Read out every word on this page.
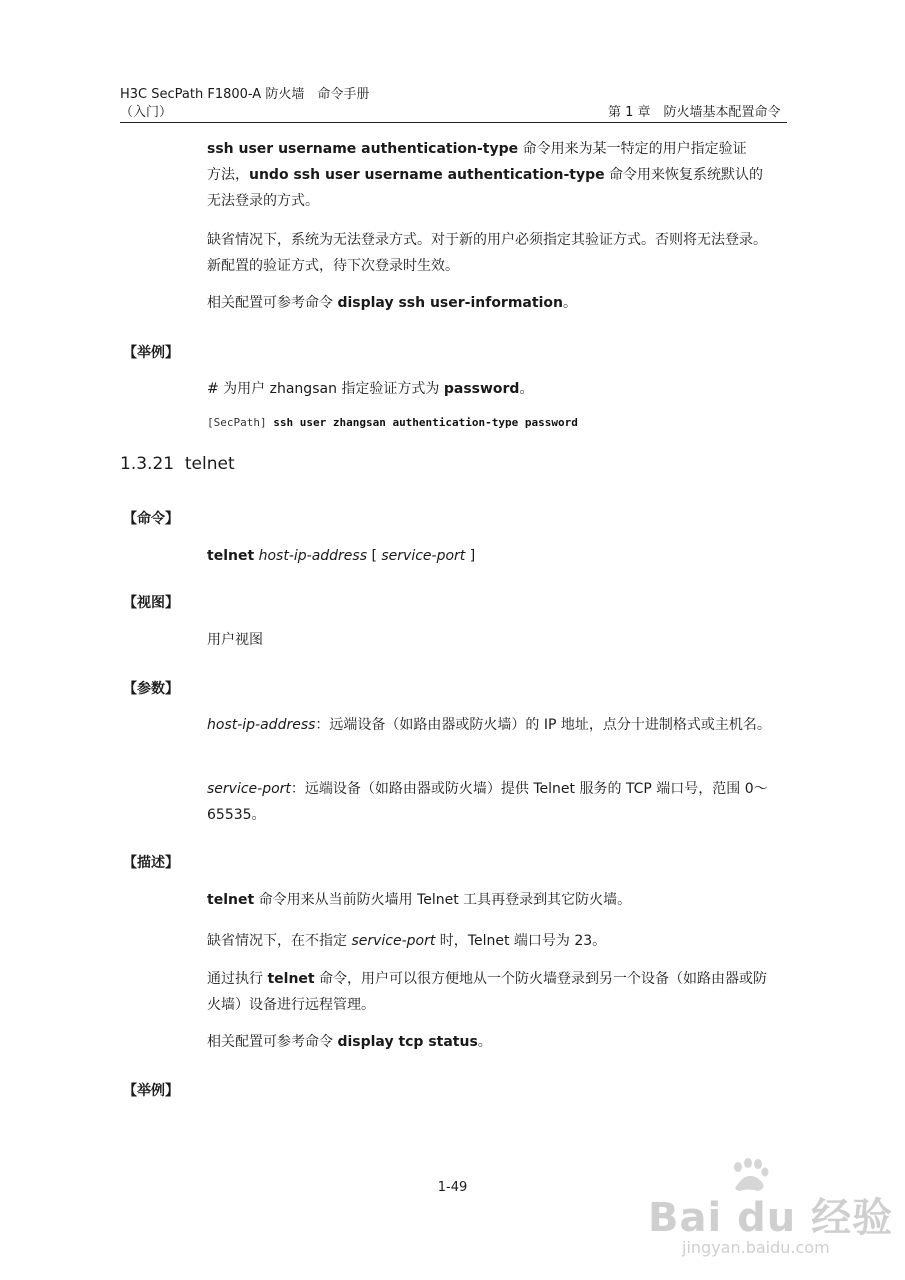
H3C SecPath F1800-A 防火墙　命令手册
（入门）	第 1 章　防火墙基本配置命令
ssh user username authentication-type 命令用来为某一特定的用户指定验证
方法，undo ssh user username authentication-type 命令用来恢复系统默认的
无法登录的方式。
缺省情况下，系统为无法登录方式。对于新的用户必须指定其验证方式。否则将无法登录。新配置的验证方式，待下次登录时生效。
相关配置可参考命令 display ssh user-information。
【举例】
# 为用户 zhangsan 指定验证方式为 password。
[SecPath] ssh user zhangsan authentication-type password
1.3.21 telnet
【命令】
telnet host-ip-address [ service-port ]
【视图】
用户视图
【参数】
host-ip-address：远端设备（如路由器或防火墙）的 IP 地址，点分十进制格式或主机名。
service-port：远端设备（如路由器或防火墙）提供 Telnet 服务的 TCP 端口号，范围 0～65535。
【描述】
telnet 命令用来从当前防火墙用 Telnet 工具再登录到其它防火墙。
缺省情况下，在不指定 service-port 时，Telnet 端口号为 23。
通过执行 telnet 命令，用户可以很方便地从一个防火墙登录到另一个设备（如路由器或防火墙）设备进行远程管理。
相关配置可参考命令 display tcp status。
【举例】
1-49
Bai du 经验
jingyan.baidu.com
